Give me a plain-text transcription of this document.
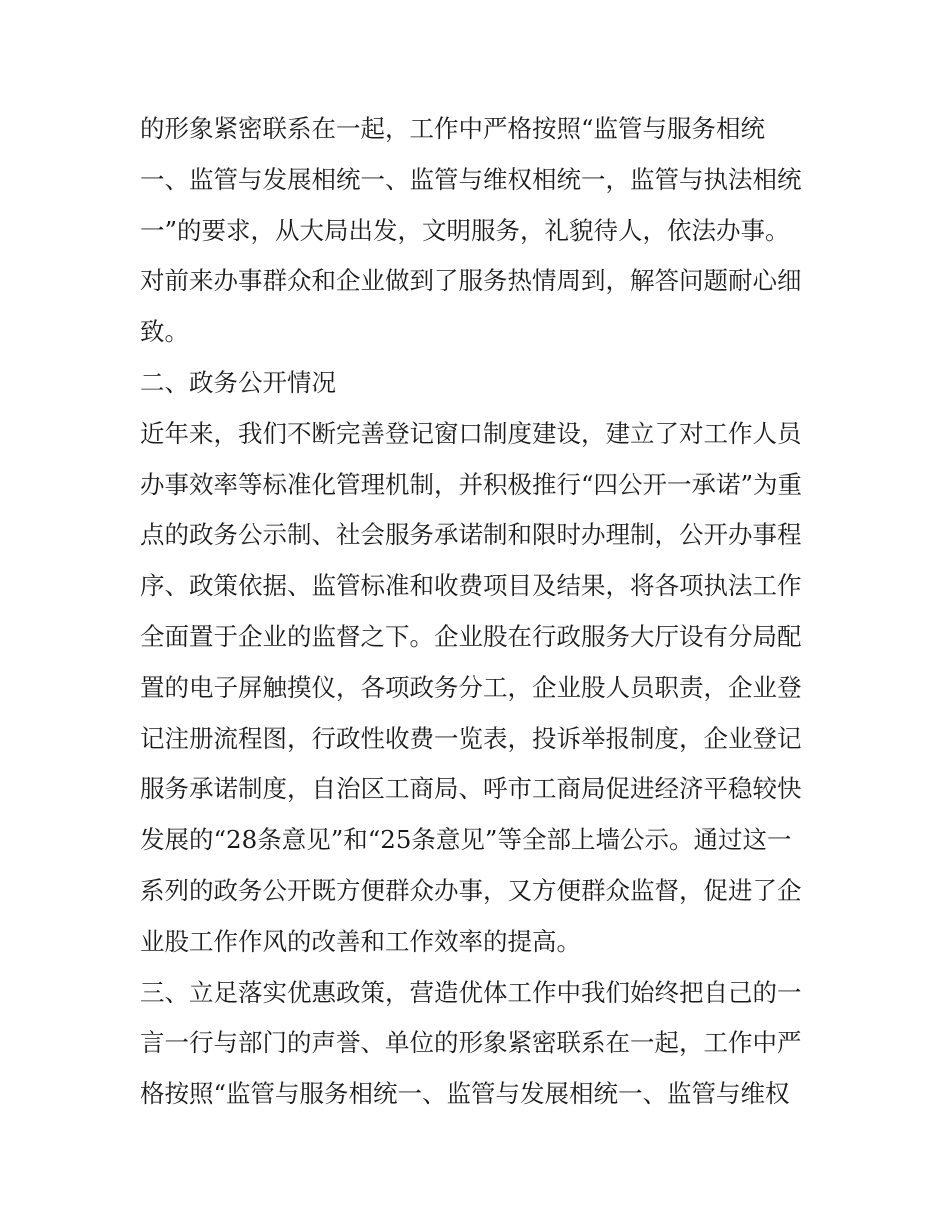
的形象紧密联系在一起，工作中严格按照“监管与服务相统
一、监管与发展相统一、监管与维权相统一，监管与执法相统
一”的要求，从大局出发，文明服务，礼貌待人，依法办事。
对前来办事群众和企业做到了服务热情周到，解答问题耐心细
致。
二、政务公开情况
近年来，我们不断完善登记窗口制度建设，建立了对工作人员
办事效率等标准化管理机制，并积极推行“四公开一承诺”为重
点的政务公示制、社会服务承诺制和限时办理制，公开办事程
序、政策依据、监管标准和收费项目及结果，将各项执法工作
全面置于企业的监督之下。企业股在行政服务大厅设有分局配
置的电子屏触摸仪，各项政务分工，企业股人员职责，企业登
记注册流程图，行政性收费一览表，投诉举报制度，企业登记
服务承诺制度，自治区工商局、呼市工商局促进经济平稳较快
发展的“28条意见”和“25条意见”等全部上墙公示。通过这一
系列的政务公开既方便群众办事，又方便群众监督，促进了企
业股工作作风的改善和工作效率的提高。
三、立足落实优惠政策，营造优体工作中我们始终把自己的一
言一行与部门的声誉、单位的形象紧密联系在一起，工作中严
格按照“监管与服务相统一、监管与发展相统一、监管与维权
